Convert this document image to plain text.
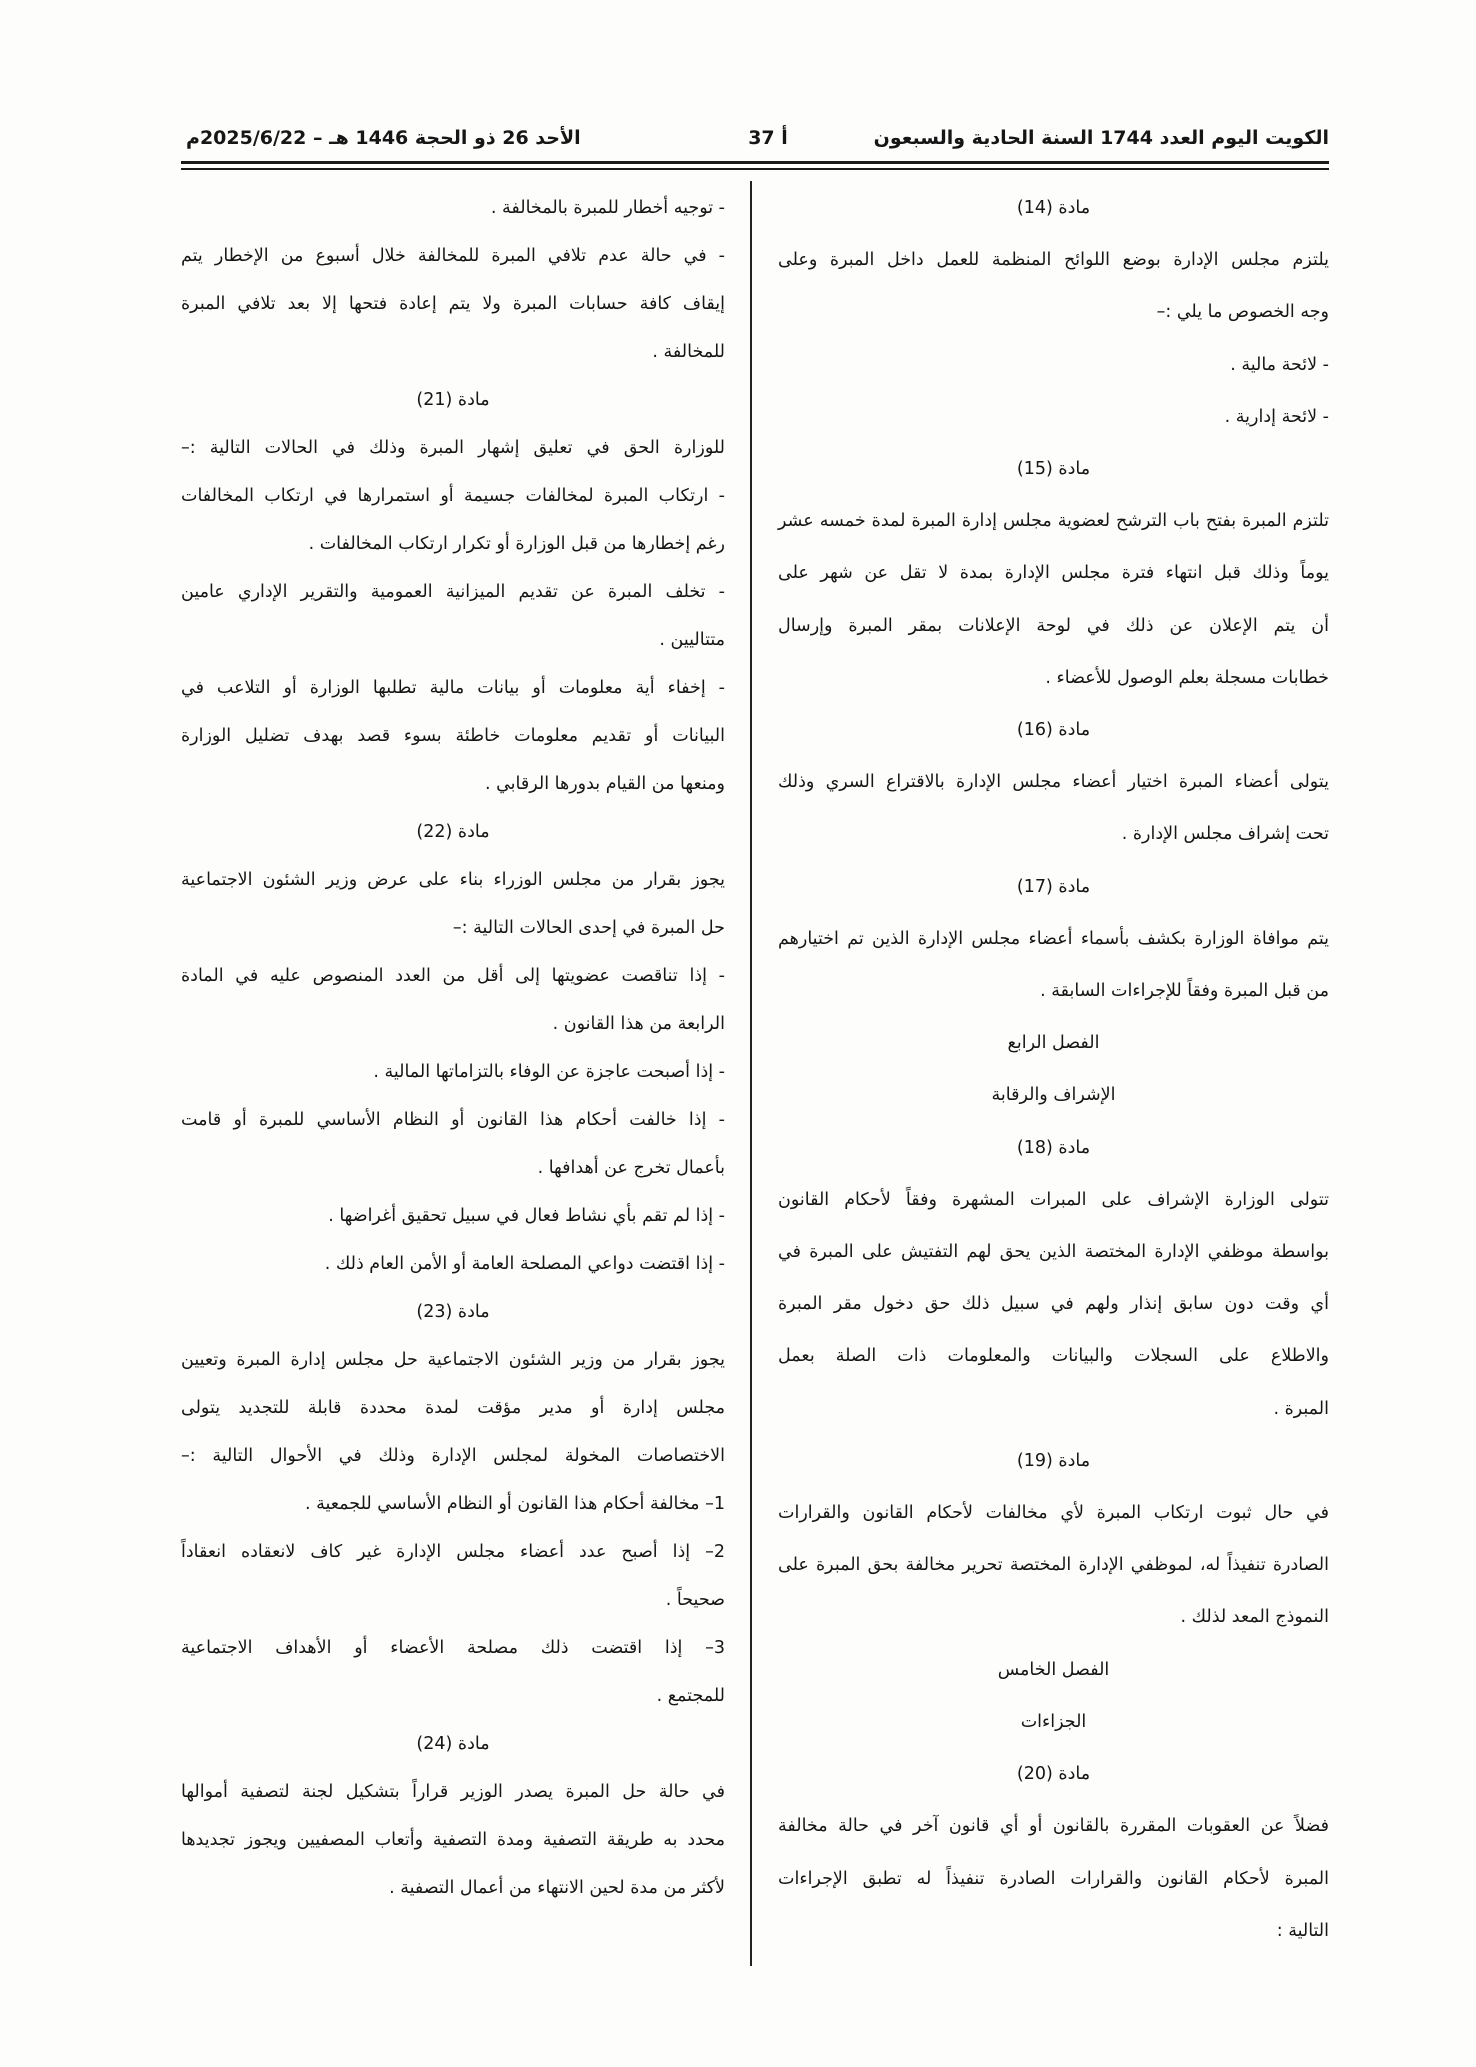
الكويت اليوم العدد 1744 السنة الحادية والسبعون
أ 37
الأحد 26 ذو الحجة 1446 هـ – 2025/6/22م
مادة (14)
يلتزم مجلس الإدارة بوضع اللوائح المنظمة للعمل داخل المبرة وعلى
وجه الخصوص ما يلي :–
- لائحة مالية .
- لائحة إدارية .
مادة (15)
تلتزم المبرة بفتح باب الترشح لعضوية مجلس إدارة المبرة لمدة خمسه عشر
يوماً وذلك قبل انتهاء فترة مجلس الإدارة بمدة لا تقل عن شهر على
أن يتم الإعلان عن ذلك في لوحة الإعلانات بمقر المبرة وإرسال
خطابات مسجلة بعلم الوصول للأعضاء .
مادة (16)
يتولى أعضاء المبرة اختيار أعضاء مجلس الإدارة بالاقتراع السري وذلك
تحت إشراف مجلس الإدارة .
مادة (17)
يتم موافاة الوزارة بكشف بأسماء أعضاء مجلس الإدارة الذين تم اختيارهم
من قبل المبرة وفقاً للإجراءات السابقة .
الفصل الرابع
الإشراف والرقابة
مادة (18)
تتولى الوزارة الإشراف على المبرات المشهرة وفقاً لأحكام القانون
بواسطة موظفي الإدارة المختصة الذين يحق لهم التفتيش على المبرة في
أي وقت دون سابق إنذار ولهم في سبيل ذلك حق دخول مقر المبرة
والاطلاع على السجلات والبيانات والمعلومات ذات الصلة بعمل
المبرة .
مادة (19)
في حال ثبوت ارتكاب المبرة لأي مخالفات لأحكام القانون والقرارات
الصادرة تنفيذاً له، لموظفي الإدارة المختصة تحرير مخالفة بحق المبرة على
النموذج المعد لذلك .
الفصل الخامس
الجزاءات
مادة (20)
فضلاً عن العقوبات المقررة بالقانون أو أي قانون آخر في حالة مخالفة
المبرة لأحكام القانون والقرارات الصادرة تنفيذاً له تطبق الإجراءات
التالية :
- توجيه أخطار للمبرة بالمخالفة .
- في حالة عدم تلافي المبرة للمخالفة خلال أسبوع من الإخطار يتم
إيقاف كافة حسابات المبرة ولا يتم إعادة فتحها إلا بعد تلافي المبرة
للمخالفة .
مادة (21)
للوزارة الحق في تعليق إشهار المبرة وذلك في الحالات التالية :–
- ارتكاب المبرة لمخالفات جسيمة أو استمرارها في ارتكاب المخالفات
رغم إخطارها من قبل الوزارة أو تكرار ارتكاب المخالفات .
- تخلف المبرة عن تقديم الميزانية العمومية والتقرير الإداري عامين
متتاليين .
- إخفاء أية معلومات أو بيانات مالية تطلبها الوزارة أو التلاعب في
البيانات أو تقديم معلومات خاطئة بسوء قصد بهدف تضليل الوزارة
ومنعها من القيام بدورها الرقابي .
مادة (22)
يجوز بقرار من مجلس الوزراء بناء على عرض وزير الشئون الاجتماعية
حل المبرة في إحدى الحالات التالية :–
- إذا تناقصت عضويتها إلى أقل من العدد المنصوص عليه في المادة
الرابعة من هذا القانون .
- إذا أصبحت عاجزة عن الوفاء بالتزاماتها المالية .
- إذا خالفت أحكام هذا القانون أو النظام الأساسي للمبرة أو قامت
بأعمال تخرج عن أهدافها .
- إذا لم تقم بأي نشاط فعال في سبيل تحقيق أغراضها .
- إذا اقتضت دواعي المصلحة العامة أو الأمن العام ذلك .
مادة (23)
يجوز بقرار من وزير الشئون الاجتماعية حل مجلس إدارة المبرة وتعيين
مجلس إدارة أو مدير مؤقت لمدة محددة قابلة للتجديد يتولى
الاختصاصات المخولة لمجلس الإدارة وذلك في الأحوال التالية :–
1– مخالفة أحكام هذا القانون أو النظام الأساسي للجمعية .
2– إذا أصبح عدد أعضاء مجلس الإدارة غير كاف لانعقاده انعقاداً
صحيحاً .
3– إذا اقتضت ذلك مصلحة الأعضاء أو الأهداف الاجتماعية
للمجتمع .
مادة (24)
في حالة حل المبرة يصدر الوزير قراراً بتشكيل لجنة لتصفية أموالها
محدد به طريقة التصفية ومدة التصفية وأتعاب المصفيين ويجوز تجديدها
لأكثر من مدة لحين الانتهاء من أعمال التصفية .
